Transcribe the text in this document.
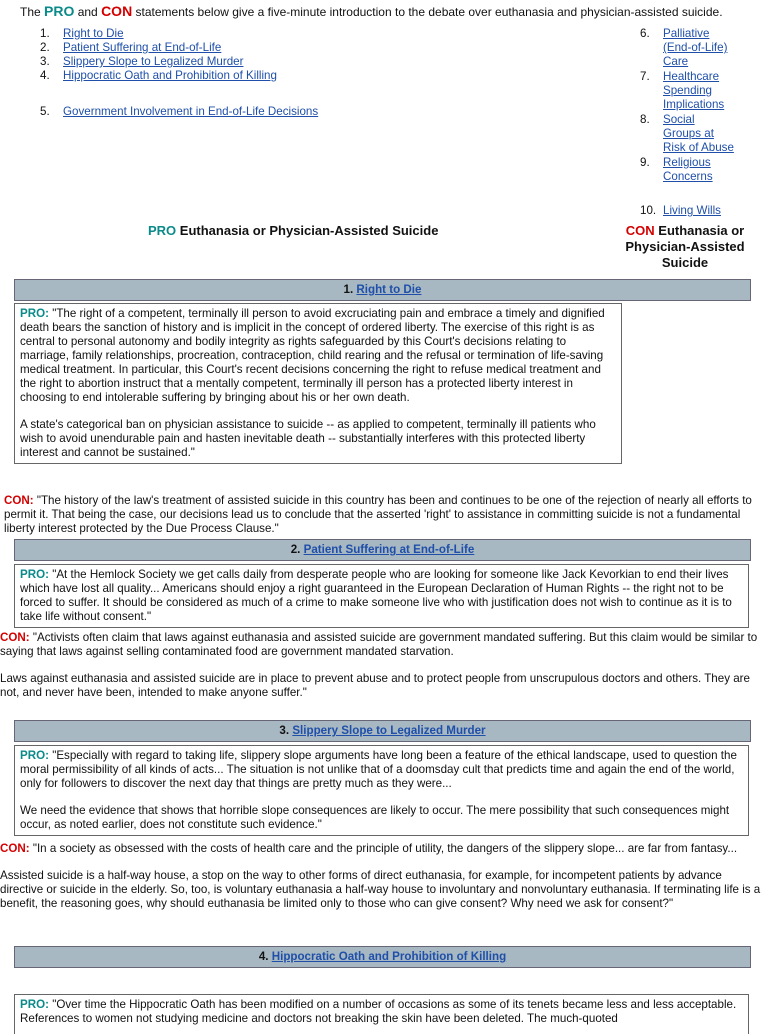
The PRO and CON statements below give a five-minute introduction to the debate over euthanasia and physician-assisted suicide.
1.	Right to Die
2.	Patient Suffering at End-of-Life
3.	Slippery Slope to Legalized Murder
4.	Hippocratic Oath and Prohibition of Killing
5.	Government Involvement in End-of-Life Decisions
6.	Palliative (End-of-Life) Care
7.	Healthcare Spending Implications
8.	Social Groups at Risk of Abuse
9.	Religious Concerns
10. Living Wills
PRO Euthanasia or Physician-Assisted Suicide	CON Euthanasia or Physician-Assisted Suicide
1. Right to Die

PRO: "The right of a competent, terminally ill person to avoid excruciating pain and embrace a timely and dignified death bears the sanction of history and is implicit in the concept of ordered liberty. The exercise of this right is as central to personal autonomy and bodily integrity as rights safeguarded by this Court's decisions relating to marriage, family relationships, procreation, contraception, child rearing and the refusal or termination of life-saving medical treatment. In particular, this Court's recent decisions concerning the right to refuse medical treatment and the right to abortion instruct that a mentally competent, terminally ill person has a protected liberty interest in choosing to end intolerable suffering by bringing about his or her own death.

A state's categorical ban on physician assistance to suicide -- as applied to competent, terminally ill patients who wish to avoid unendurable pain and hasten inevitable death -- substantially interferes with this protected liberty interest and cannot be sustained."

CON: "The history of the law's treatment of assisted suicide in this country has been and continues to be one of the rejection of nearly all efforts to permit it. That being the case, our decisions lead us to conclude that the asserted 'right' to assistance in committing suicide is not a fundamental liberty interest protected by the Due Process Clause."

2. Patient Suffering at End-of-Life

PRO: "At the Hemlock Society we get calls daily from desperate people who are looking for someone like Jack Kevorkian to end their lives which have lost all quality... Americans should enjoy a right guaranteed in the European Declaration of Human Rights -- the right not to be forced to suffer. It should be considered as much of a crime to make someone live who with justification does not wish to continue as it is to take life without consent."

CON: "Activists often claim that laws against euthanasia and assisted suicide are government mandated suffering. But this claim would be similar to saying that laws against selling contaminated food are government mandated starvation.

Laws against euthanasia and assisted suicide are in place to prevent abuse and to protect people from unscrupulous doctors and others. They are not, and never have been, intended to make anyone suffer."

3. Slippery Slope to Legalized Murder

PRO: "Especially with regard to taking life, slippery slope arguments have long been a feature of the ethical landscape, used to question the moral permissibility of all kinds of acts... The situation is not unlike that of a doomsday cult that predicts time and again the end of the world, only for followers to discover the next day that things are pretty much as they were...

We need the evidence that shows that horrible slope consequences are likely to occur. The mere possibility that such consequences might occur, as noted earlier, does not constitute such evidence."

CON: "In a society as obsessed with the costs of health care and the principle of utility, the dangers of the slippery slope... are far from fantasy...

Assisted suicide is a half-way house, a stop on the way to other forms of direct euthanasia, for example, for incompetent patients by advance directive or suicide in the elderly. So, too, is voluntary euthanasia a half-way house to involuntary and nonvoluntary euthanasia. If terminating life is a benefit, the reasoning goes, why should euthanasia be limited only to those who can give consent? Why need we ask for consent?"

4. Hippocratic Oath and Prohibition of Killing

PRO: "Over time the Hippocratic Oath has been modified on a number of occasions as some of its tenets became less and less acceptable. References to women not studying medicine and doctors not breaking the skin have been deleted. The much-quoted
